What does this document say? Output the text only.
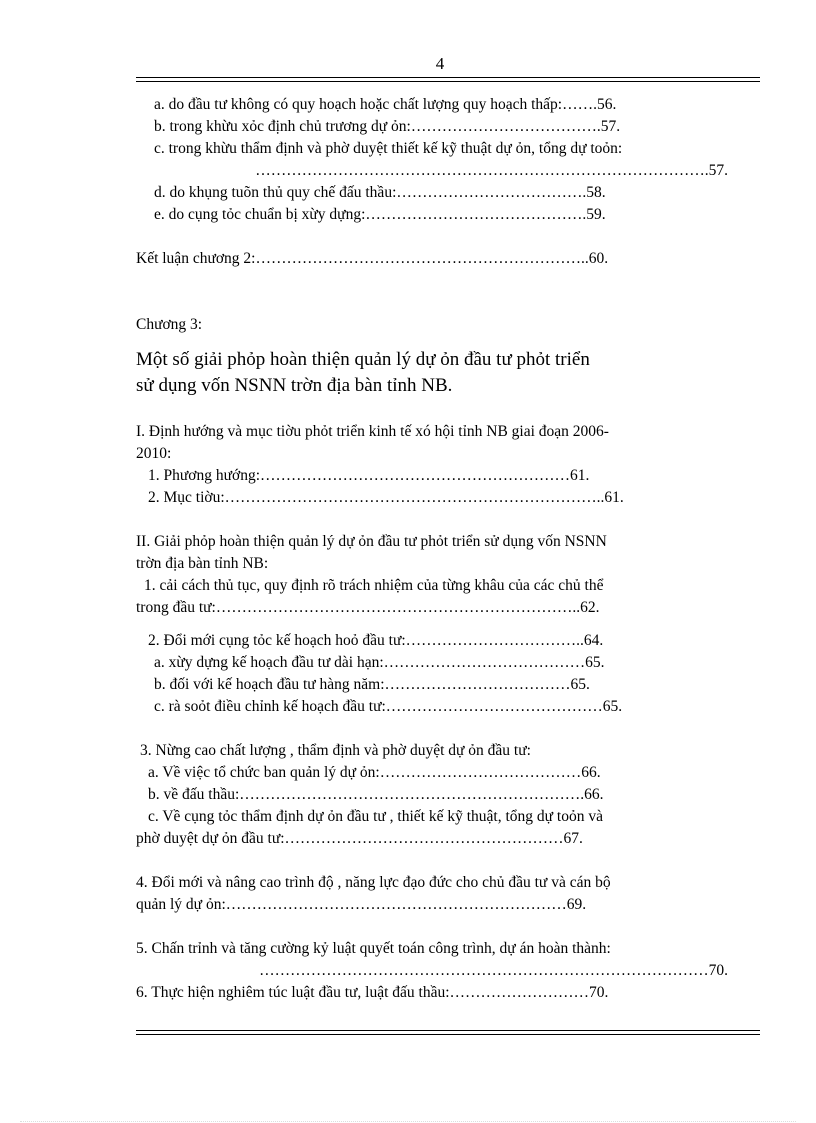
4
a. do đầu tư không có quy hoạch hoặc chất lượng quy hoạch thấp:…….56.
b. trong khừu xỏc định chủ trương dự ỏn:……………………………….57.
c. trong khừu thẩm định và phờ duyệt thiết kế kỹ thuật dự ỏn, tổng dự toỏn:
…………………………………………………………………………….57.
d. do khụng tuõn thủ quy chế đấu thầu:……………………………….58.
e. do cụng tỏc chuẩn bị xừy dựng:…………………………………….59.
Kết luận chương 2:………………………………………………………..60.
Chương 3:
Một số giải phỏp hoàn thiện quản lý dự ỏn đầu tư phỏt triển
sử dụng vốn NSNN trờn địa bàn tỉnh NB.
I. Định hướng và mục tiờu phỏt triển kinh tế xó hội tỉnh NB giai đoạn 2006-
2010:
1. Phương hướng:……………………………………………………61.
2. Mục tiờu:………………………………………………………………..61.
II. Giải phỏp hoàn thiện quản lý dự ỏn đầu tư phỏt triển sử dụng vốn NSNN
trờn địa bàn tỉnh NB:
1. cải cách thủ tục, quy định rõ trách nhiệm của từng khâu của các chủ thể
trong đầu tư:……………………………………………………………..62.
2. Đổi mới cụng tỏc kế hoạch hoỏ đầu tư:……………………………..64.
a. xừy dựng kế hoạch đầu tư dài hạn:…………………………………65.
b. đối với kế hoạch đầu tư hàng năm:………………………………65.
c. rà soỏt điều chỉnh kế hoạch đầu tư:……………………………………65.
3. Nừng cao chất lượng , thẩm định và phờ duyệt dự ỏn đầu tư:
a. Về việc tổ chức ban quản lý dự ỏn:…………………………………66.
b. về đấu thầu:………………………………………………………….66.
c. Về cụng tỏc thẩm định dự ỏn đầu tư , thiết kế kỹ thuật, tổng dự toỏn và
phờ duyệt dự ỏn đầu tư:………………………………………………67.
4. Đổi mới và nâng cao trình độ , năng lực đạo đức cho chủ đầu tư và cán bộ
quản lý dự ỏn:…………………………………………………………69.
5. Chấn trỉnh và tăng cường kỷ luật quyết toán công trình, dự án hoàn thành:
……………………………………………………………………………70.
6. Thực hiện nghiêm túc luật đầu tư, luật đấu thầu:………………………70.
